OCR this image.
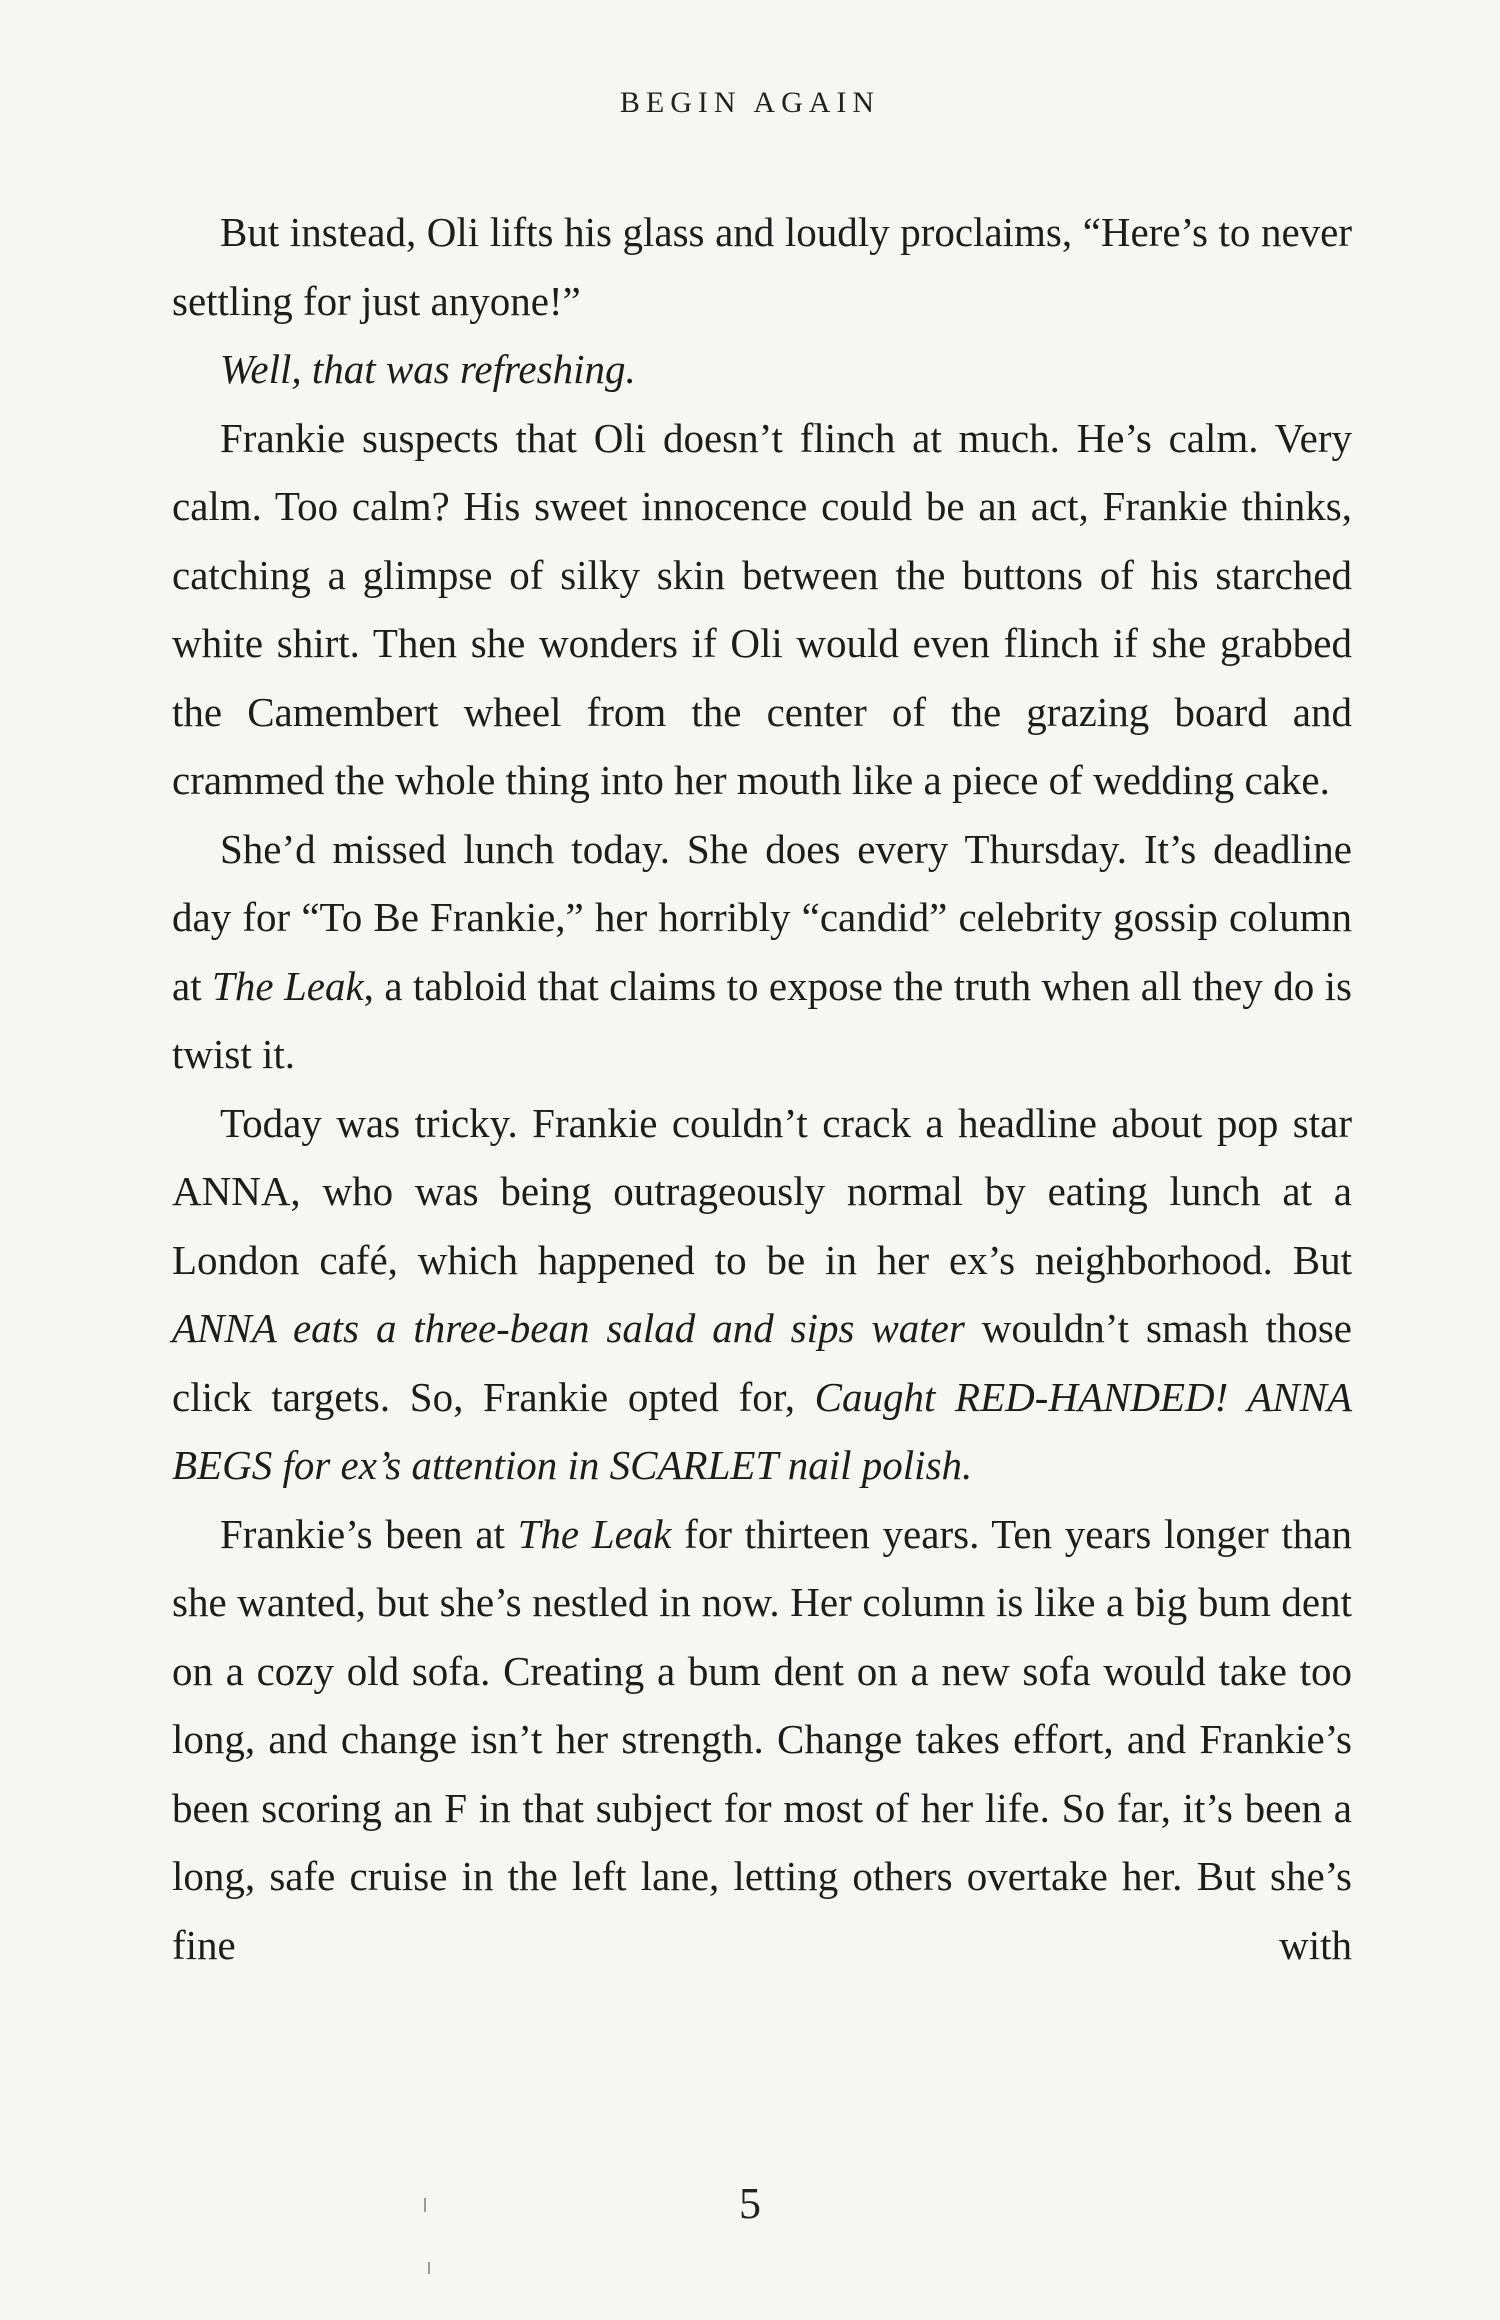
BEGIN AGAIN

But instead, Oli lifts his glass and loudly proclaims, “Here’s to never settling for just anyone!”

Well, that was refreshing.

Frankie suspects that Oli doesn’t flinch at much. He’s calm. Very calm. Too calm? His sweet innocence could be an act, Frankie thinks, catching a glimpse of silky skin between the buttons of his starched white shirt. Then she wonders if Oli would even flinch if she grabbed the Camembert wheel from the center of the grazing board and crammed the whole thing into her mouth like a piece of wedding cake.

She’d missed lunch today. She does every Thursday. It’s deadline day for “To Be Frankie,” her horribly “candid” celebrity gossip column at The Leak, a tabloid that claims to expose the truth when all they do is twist it.

Today was tricky. Frankie couldn’t crack a headline about pop star ANNA, who was being outrageously normal by eating lunch at a London café, which happened to be in her ex’s neighborhood. But ANNA eats a three-bean salad and sips water wouldn’t smash those click targets. So, Frankie opted for, Caught RED-HANDED! ANNA BEGS for ex’s attention in SCARLET nail polish.

Frankie’s been at The Leak for thirteen years. Ten years longer than she wanted, but she’s nestled in now. Her column is like a big bum dent on a cozy old sofa. Creating a bum dent on a new sofa would take too long, and change isn’t her strength. Change takes effort, and Frankie’s been scoring an F in that subject for most of her life. So far, it’s been a long, safe cruise in the left lane, letting others overtake her. But she’s fine with

5
